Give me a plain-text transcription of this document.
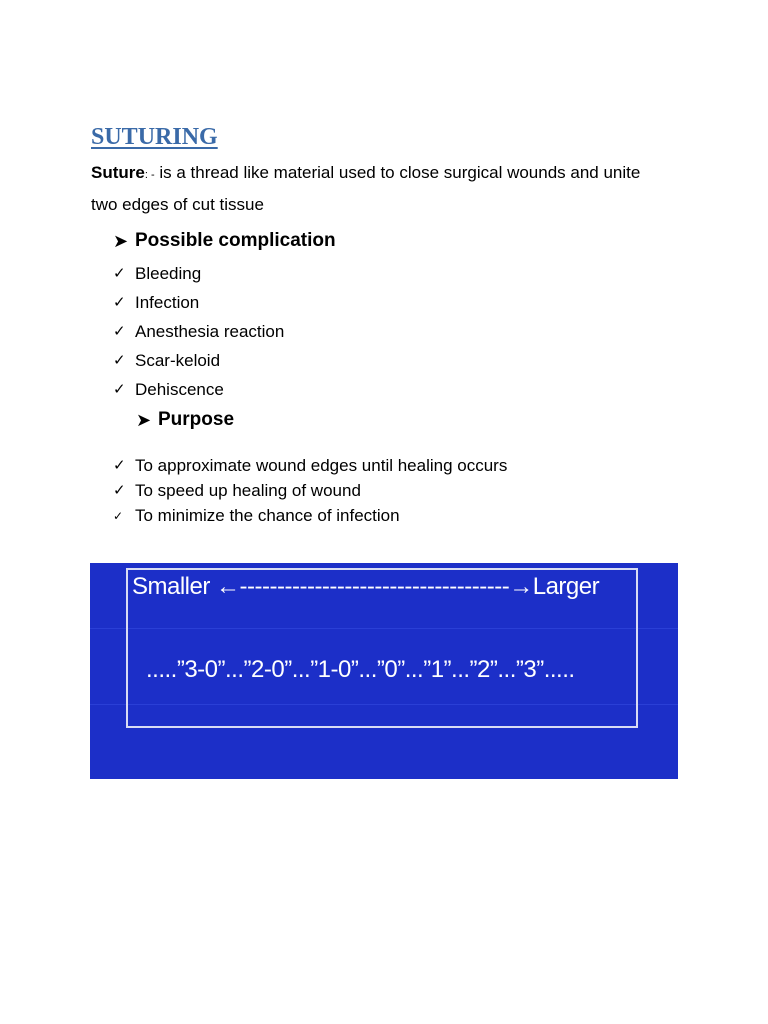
SUTURING

Suture: - is a thread like material used to close surgical wounds and unite two edges of cut tissue

➤ Possible complication
✓ Bleeding
✓ Infection
✓ Anesthesia reaction
✓ Scar-keloid
✓ Dehiscence
➤ Purpose
✓ To approximate wound edges until healing occurs
✓ To speed up healing of wound
✓ To minimize the chance of infection
Smaller ←------------------------------------→Larger
.....”3-0”...”2-0”...”1-0”...”0”...”1”...”2”...”3”.....
